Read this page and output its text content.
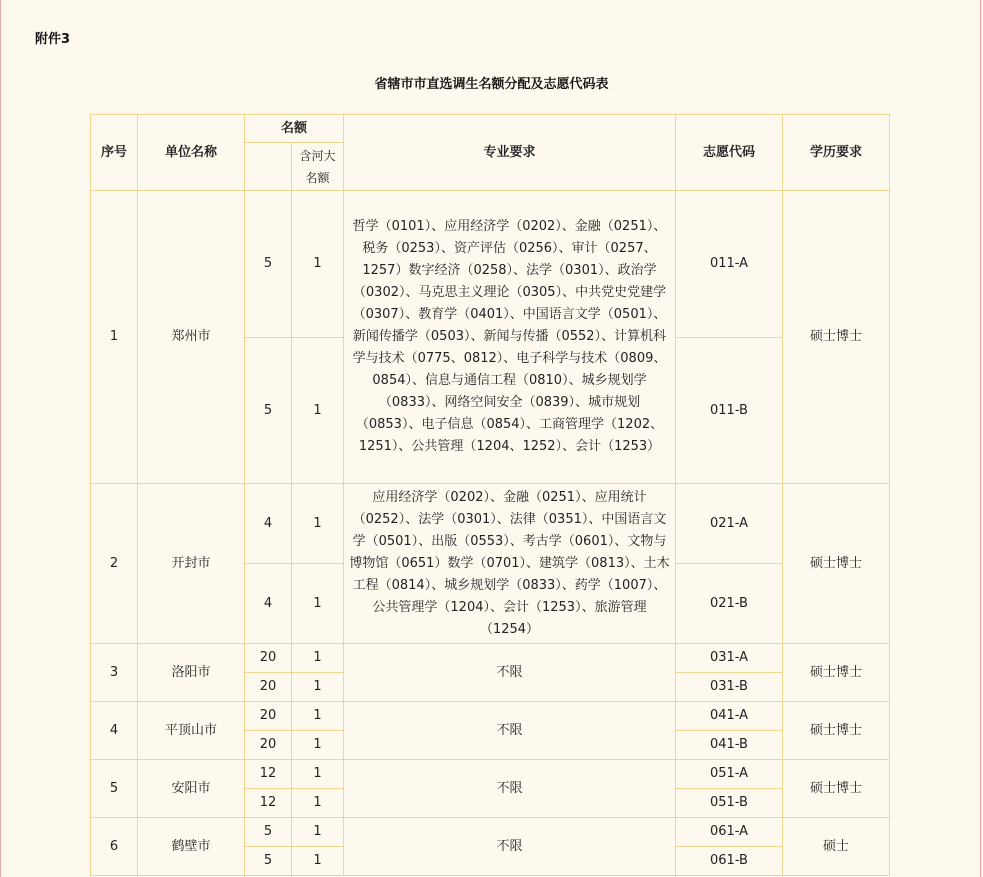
附件3
省辖市市直选调生名额分配及志愿代码表
序号	单位名称	名额		专业要求	志愿代码	学历要求
			含河大名额			
1	郑州市	5	1	哲学（0101）、应用经济学（0202）、金融（0251）、税务（0253）、资产评估（0256）、审计（0257、1257）数字经济（0258）、法学（0301）、政治学（0302）、马克思主义理论（0305）、中共党史党建学（0307）、教育学（0401）、中国语言文学（0501）、新闻传播学（0503）、新闻与传播（0552）、计算机科学与技术（0775、0812）、电子科学与技术（0809、0854）、信息与通信工程（0810）、城乡规划学（0833）、网络空间安全（0839）、城市规划（0853）、电子信息（0854）、工商管理学（1202、1251）、公共管理（1204、1252）、会计（1253）	011-A	硕士博士
		5	1		011-B	
2	开封市	4	1	应用经济学（0202）、金融（0251）、应用统计（0252）、法学（0301）、法律（0351）、中国语言文学（0501）、出版（0553）、考古学（0601）、文物与博物馆（0651）数学（0701）、建筑学（0813）、土木工程（0814）、城乡规划学（0833）、药学（1007）、公共管理学（1204）、会计（1253）、旅游管理（1254）	021-A	硕士博士
		4	1		021-B	
3	洛阳市	20	1	不限	031-A	硕士博士
		20	1		031-B	
4	平顶山市	20	1	不限	041-A	硕士博士
		20	1		041-B	
5	安阳市	12	1	不限	051-A	硕士博士
		12	1		051-B	
6	鹤壁市	5	1	不限	061-A	硕士
		5	1		061-B	
